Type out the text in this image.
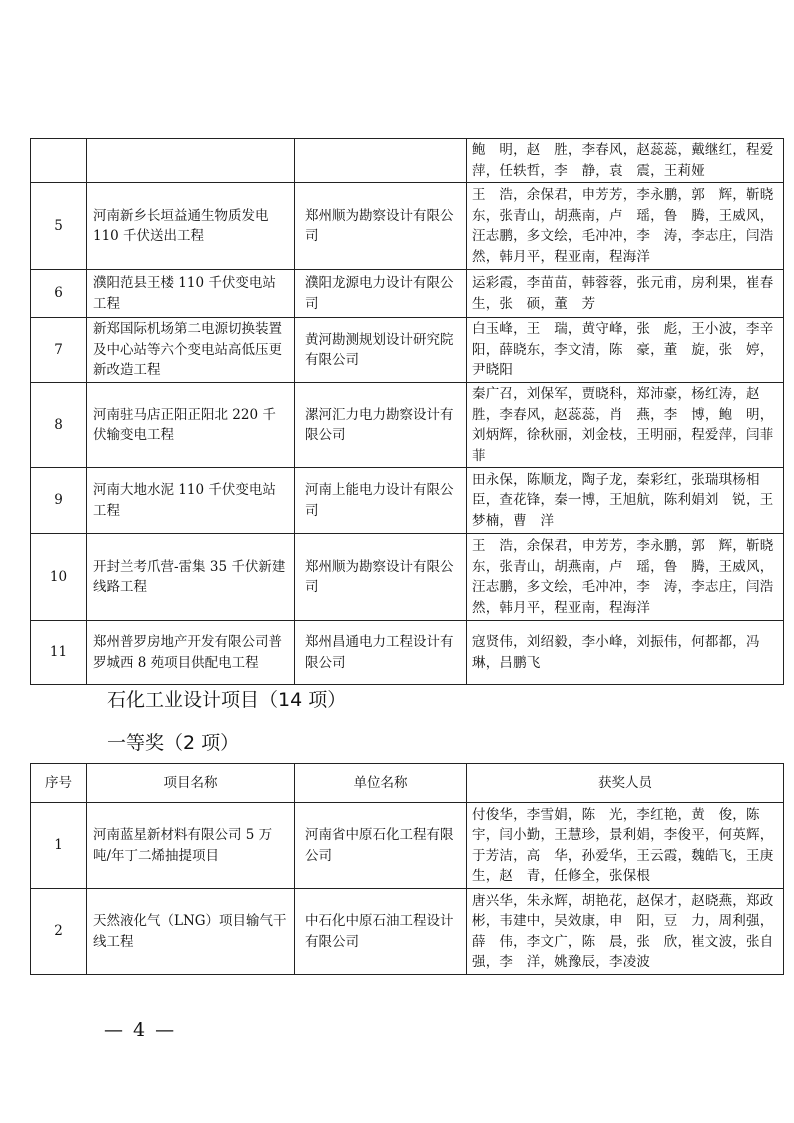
			鲍　明，赵　胜，李春风，赵蕊蕊，戴继红，程爱萍，任轶哲，李　静，袁　震，王莉娅
5	河南新乡长垣益通生物质发电 110 千伏送出工程	郑州顺为勘察设计有限公司	王　浩，余保君，申芳芳，李永鹏，郭　辉，靳晓东，张青山，胡燕南，卢　瑶，鲁　腾，王威风，汪志鹏，多文绘，毛冲冲，李　涛，李志庄，闫浩然，韩月平，程亚南，程海洋
6	濮阳范县王楼 110 千伏变电站工程	濮阳龙源电力设计有限公司	运彩霞，李苗苗，韩蓉蓉，张元甫，房利果，崔春生，张　硕，董　芳
7	新郑国际机场第二电源切换装置及中心站等六个变电站高低压更新改造工程	黄河勘测规划设计研究院有限公司	白玉峰，王　瑞，黄守峰，张　彪，王小波，李辛阳，薛晓东，李文清，陈　豪，董　旋，张　婷，尹晓阳
8	河南驻马店正阳正阳北 220 千伏输变电工程	漯河汇力电力勘察设计有限公司	秦广召，刘保军，贾晓科，郑沛豪，杨红涛，赵　胜，李春风，赵蕊蕊，肖　燕，李　博，鲍　明，刘炳辉，徐秋丽，刘金枝，王明丽，程爱萍，闫菲菲
9	河南大地水泥 110 千伏变电站工程	河南上能电力设计有限公司	田永保，陈顺龙，陶子龙，秦彩红，张瑞琪杨相臣，查花锋，秦一博，王旭航，陈利娟刘　锐，王梦楠，曹　洋
10	开封兰考爪营-雷集 35 千伏新建线路工程	郑州顺为勘察设计有限公司	王　浩，余保君，申芳芳，李永鹏，郭　辉，靳晓东，张青山，胡燕南，卢　瑶，鲁　腾，王威风，汪志鹏，多文绘，毛冲冲，李　涛，李志庄，闫浩然，韩月平，程亚南，程海洋
11	郑州普罗房地产开发有限公司普罗城西 8 苑项目供配电工程	郑州昌通电力工程设计有限公司	寇贤伟，刘绍毅，李小峰，刘振伟，何都都，冯　琳，吕鹏飞
石化工业设计项目（14 项）
一等奖（2 项）
序号	项目名称	单位名称	获奖人员
1	河南蓝星新材料有限公司 5 万吨/年丁二烯抽提项目	河南省中原石化工程有限公司	付俊华，李雪娟，陈　光，李红艳，黄　俊，陈　宇，闫小勤，王慧珍，景利娟，李俊平，何英辉，于芳洁，高　华，孙爱华，王云霞，魏皓飞，王庚生，赵　青，任修全，张保根
2	天然液化气（LNG）项目输气干线工程	中石化中原石油工程设计有限公司	唐兴华，朱永辉，胡艳花，赵保才，赵晓燕，郑政彬，韦建中，吴效康，申　阳，豆　力，周利强，薛　伟，李文广，陈　晨，张　欣，崔文波，张自强，李　洋，姚豫辰，李凌波
— 4 —
